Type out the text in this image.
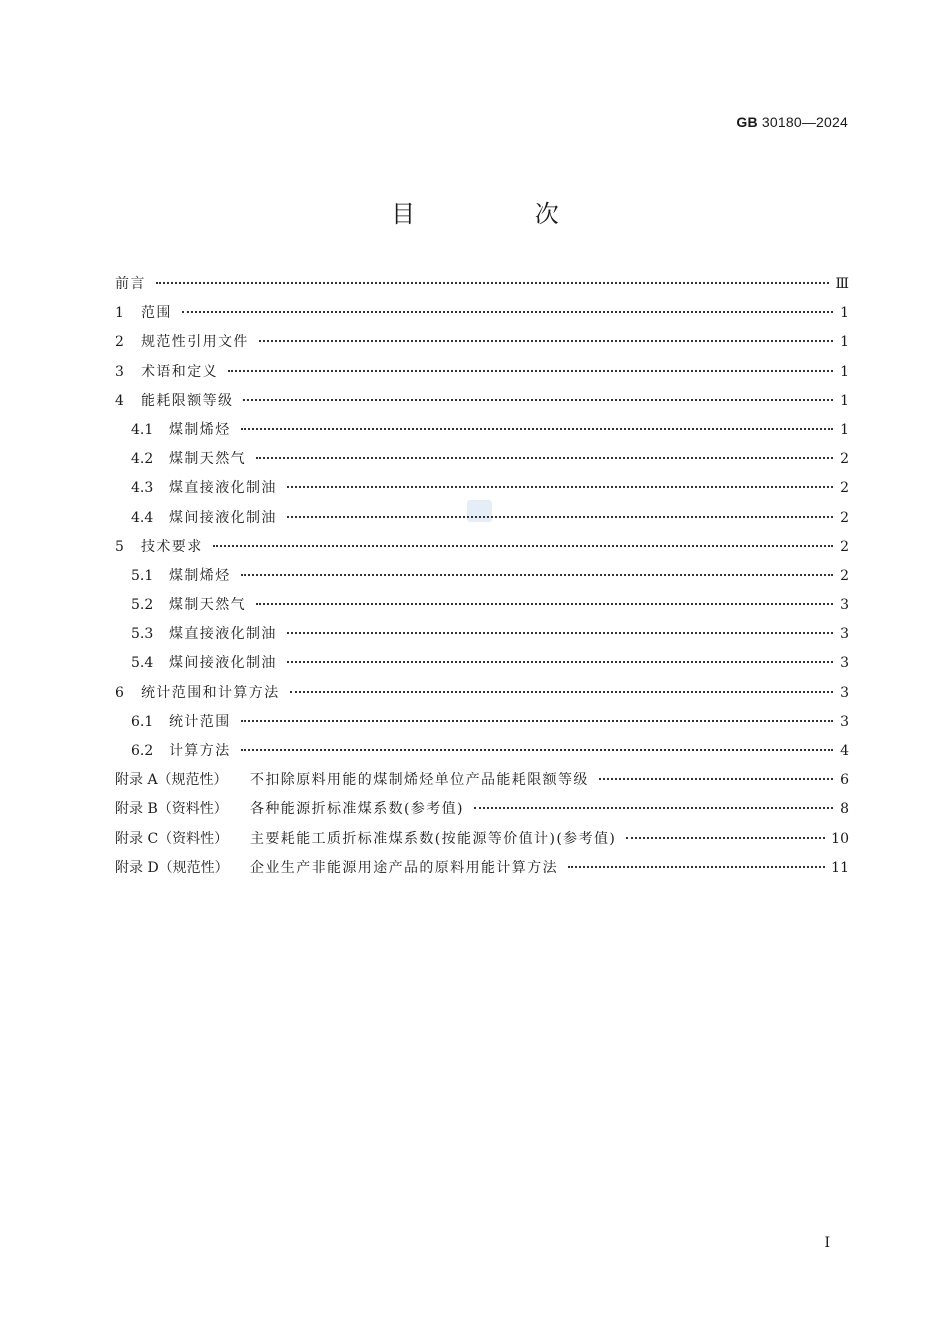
GB 30180—2024
目 次
前言	Ⅲ
1	范围	1
2	规范性引用文件	1
3	术语和定义	1
4	能耗限额等级	1
4.1	煤制烯烃	1
4.2	煤制天然气	2
4.3	煤直接液化制油	2
4.4	煤间接液化制油	2
5	技术要求	2
5.1	煤制烯烃	2
5.2	煤制天然气	3
5.3	煤直接液化制油	3
5.4	煤间接液化制油	3
6	统计范围和计算方法	3
6.1	统计范围	3
6.2	计算方法	4
附录 A（规范性）	不扣除原料用能的煤制烯烃单位产品能耗限额等级	6
附录 B（资料性）	各种能源折标准煤系数(参考值)	8
附录 C（资料性）	主要耗能工质折标准煤系数(按能源等价值计)(参考值)	10
附录 D（规范性）	企业生产非能源用途产品的原料用能计算方法	11
I
